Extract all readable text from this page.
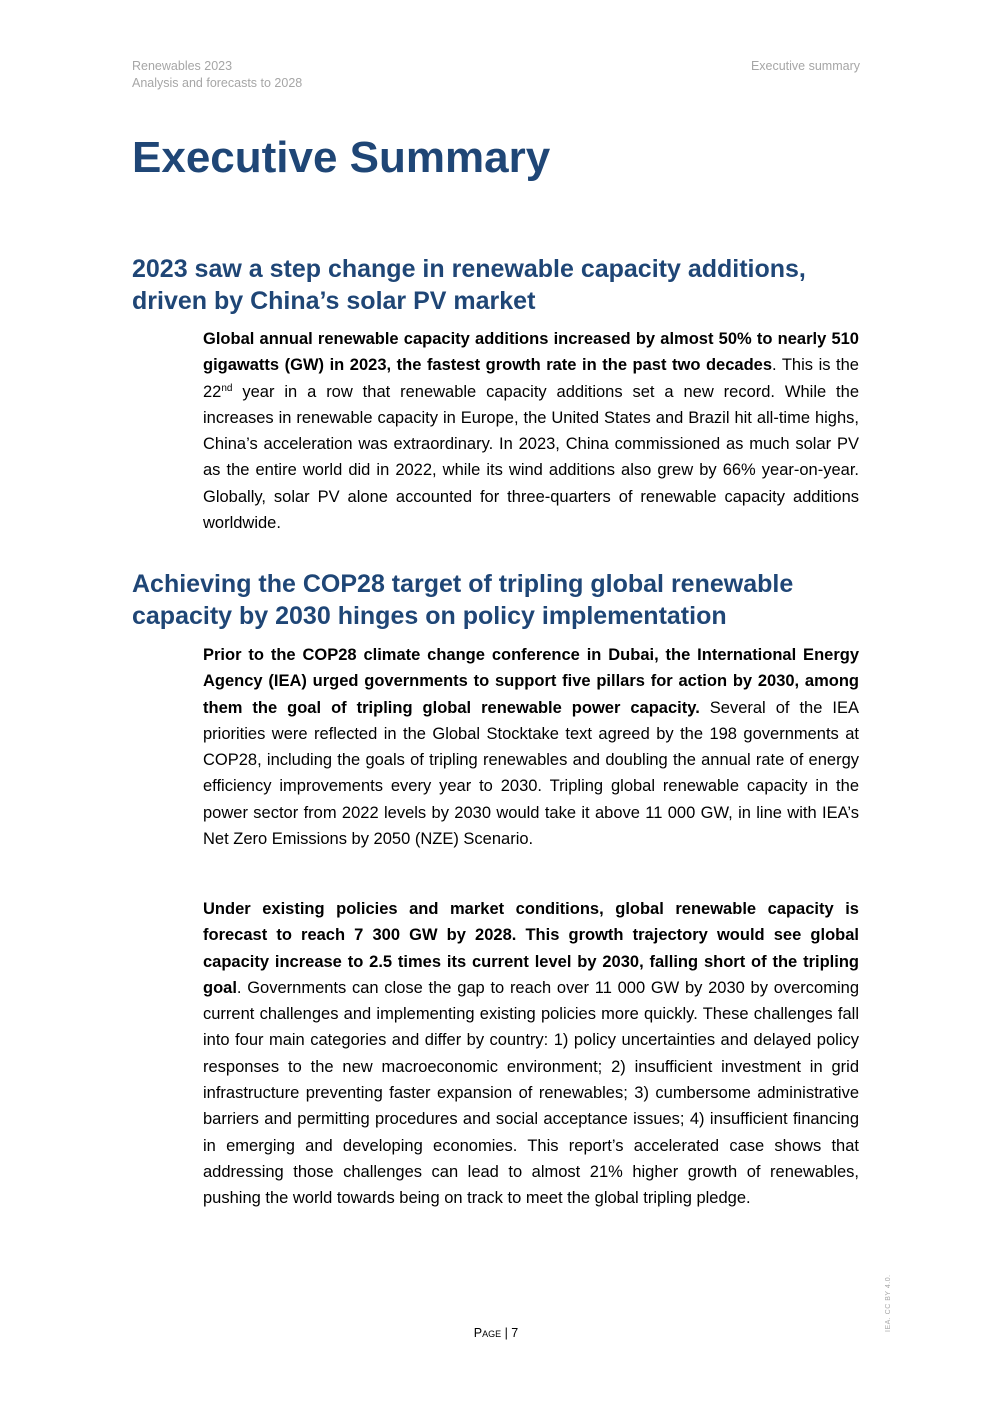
Renewables 2023
Analysis and forecasts to 2028
Executive summary
Executive Summary
2023 saw a step change in renewable capacity additions, driven by China’s solar PV market

Global annual renewable capacity additions increased by almost 50% to nearly 510 gigawatts (GW) in 2023, the fastest growth rate in the past two decades. This is the 22nd year in a row that renewable capacity additions set a new record. While the increases in renewable capacity in Europe, the United States and Brazil hit all-time highs, China’s acceleration was extraordinary. In 2023, China commissioned as much solar PV as the entire world did in 2022, while its wind additions also grew by 66% year-on-year. Globally, solar PV alone accounted for three-quarters of renewable capacity additions worldwide.

Achieving the COP28 target of tripling global renewable capacity by 2030 hinges on policy implementation

Prior to the COP28 climate change conference in Dubai, the International Energy Agency (IEA) urged governments to support five pillars for action by 2030, among them the goal of tripling global renewable power capacity. Several of the IEA priorities were reflected in the Global Stocktake text agreed by the 198 governments at COP28, including the goals of tripling renewables and doubling the annual rate of energy efficiency improvements every year to 2030. Tripling global renewable capacity in the power sector from 2022 levels by 2030 would take it above 11 000 GW, in line with IEA’s Net Zero Emissions by 2050 (NZE) Scenario.

Under existing policies and market conditions, global renewable capacity is forecast to reach 7 300 GW by 2028. This growth trajectory would see global capacity increase to 2.5 times its current level by 2030, falling short of the tripling goal. Governments can close the gap to reach over 11 000 GW by 2030 by overcoming current challenges and implementing existing policies more quickly. These challenges fall into four main categories and differ by country: 1) policy uncertainties and delayed policy responses to the new macroeconomic environment; 2) insufficient investment in grid infrastructure preventing faster expansion of renewables; 3) cumbersome administrative barriers and permitting procedures and social acceptance issues; 4) insufficient financing in emerging and developing economies. This report’s accelerated case shows that addressing those challenges can lead to almost 21% higher growth of renewables, pushing the world towards being on track to meet the global tripling pledge.

Page | 7
IEA. CC BY 4.0.
